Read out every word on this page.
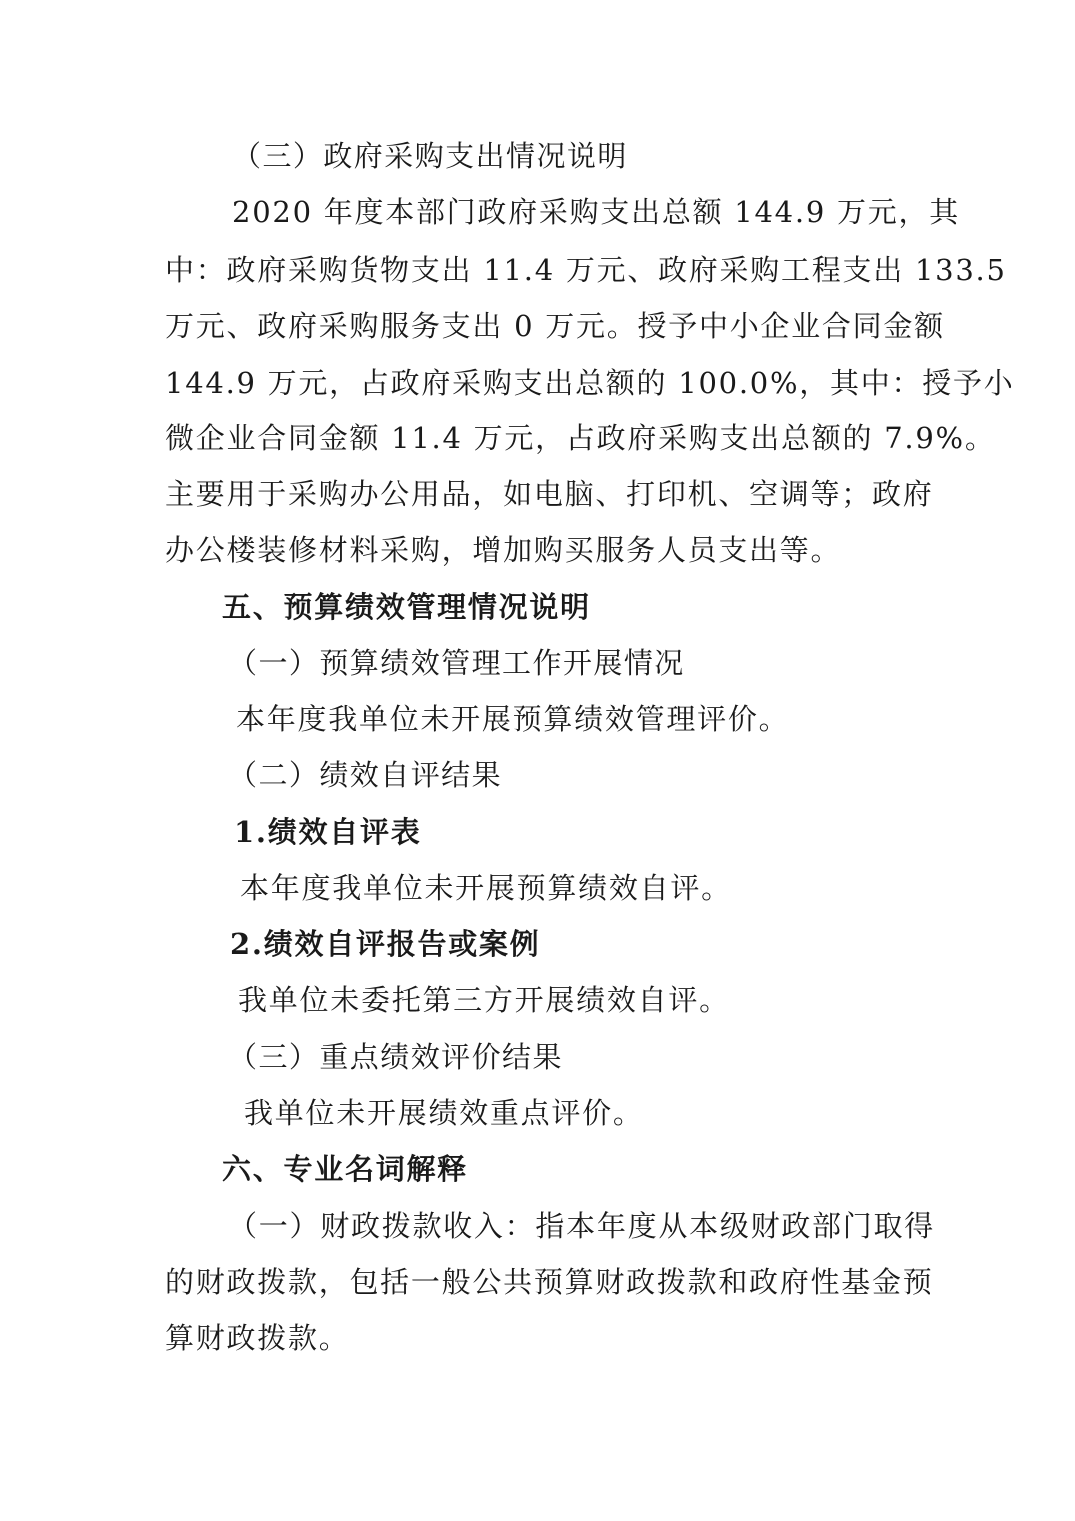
（三）政府采购支出情况说明
2020 年度本部门政府采购支出总额 144.9 万元，其
中：政府采购货物支出 11.4 万元、政府采购工程支出 133.5
万元、政府采购服务支出 0 万元。授予中小企业合同金额
144.9 万元，占政府采购支出总额的 100.0%，其中：授予小
微企业合同金额 11.4 万元，占政府采购支出总额的 7.9%。
主要用于采购办公用品，如电脑、打印机、空调等；政府
办公楼装修材料采购，增加购买服务人员支出等。
五、预算绩效管理情况说明
（一）预算绩效管理工作开展情况
本年度我单位未开展预算绩效管理评价。
（二）绩效自评结果
1.绩效自评表
本年度我单位未开展预算绩效自评。
2.绩效自评报告或案例
我单位未委托第三方开展绩效自评。
（三）重点绩效评价结果
我单位未开展绩效重点评价。
六、专业名词解释
（一）财政拨款收入：指本年度从本级财政部门取得
的财政拨款，包括一般公共预算财政拨款和政府性基金预
算财政拨款。
